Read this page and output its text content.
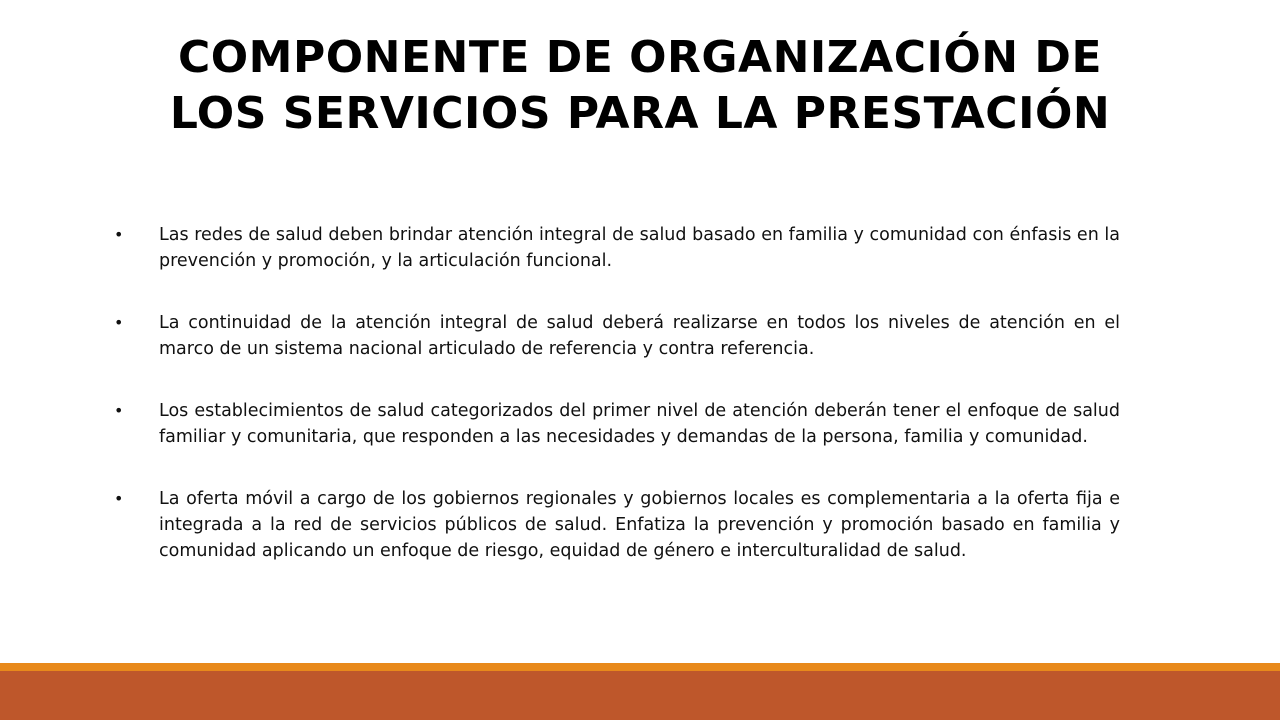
COMPONENTE DE ORGANIZACIÓN DE
LOS SERVICIOS PARA LA PRESTACIÓN
• Las redes de salud deben brindar atención integral de salud basado en familia y comunidad con énfasis en la prevención y promoción, y la articulación funcional.
• La continuidad de la atención integral de salud deberá realizarse en todos los niveles de atención en el marco de un sistema nacional articulado de referencia y contra referencia.
• Los establecimientos de salud categorizados del primer nivel de atención deberán tener el enfoque de salud familiar y comunitaria, que responden a las necesidades y demandas de la persona, familia y comunidad.
• La oferta móvil a cargo de los gobiernos regionales y gobiernos locales es complementaria a la oferta fija e integrada a la red de servicios públicos de salud. Enfatiza la prevención y promoción basado en familia y comunidad aplicando un enfoque de riesgo, equidad de género e interculturalidad de salud.
